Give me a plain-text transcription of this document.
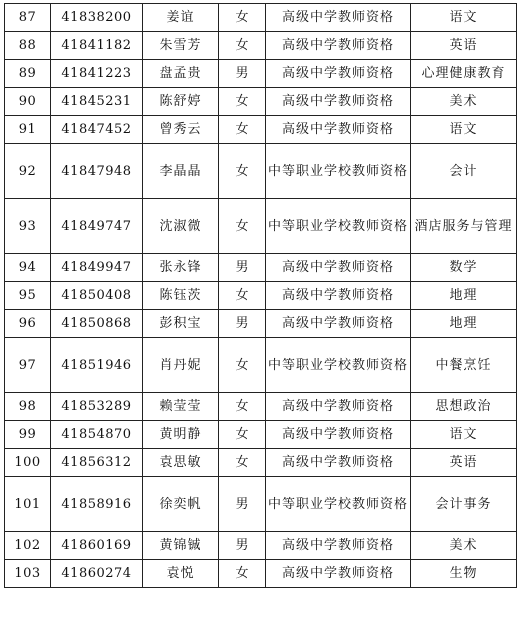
87	41838200	姜谊	女	高级中学教师资格	语文
88	41841182	朱雪芳	女	高级中学教师资格	英语
89	41841223	盘孟贵	男	高级中学教师资格	心理健康教育
90	41845231	陈舒婷	女	高级中学教师资格	美术
91	41847452	曾秀云	女	高级中学教师资格	语文
92	41847948	李晶晶	女	中等职业学校教师资格	会计
93	41849747	沈淑微	女	中等职业学校教师资格	酒店服务与管理
94	41849947	张永锋	男	高级中学教师资格	数学
95	41850408	陈钰茨	女	高级中学教师资格	地理
96	41850868	彭积宝	男	高级中学教师资格	地理
97	41851946	肖丹妮	女	中等职业学校教师资格	中餐烹饪
98	41853289	赖莹莹	女	高级中学教师资格	思想政治
99	41854870	黄明静	女	高级中学教师资格	语文
100	41856312	袁思敏	女	高级中学教师资格	英语
101	41858916	徐奕帆	男	中等职业学校教师资格	会计事务
102	41860169	黄锦铖	男	高级中学教师资格	美术
103	41860274	袁悦	女	高级中学教师资格	生物
